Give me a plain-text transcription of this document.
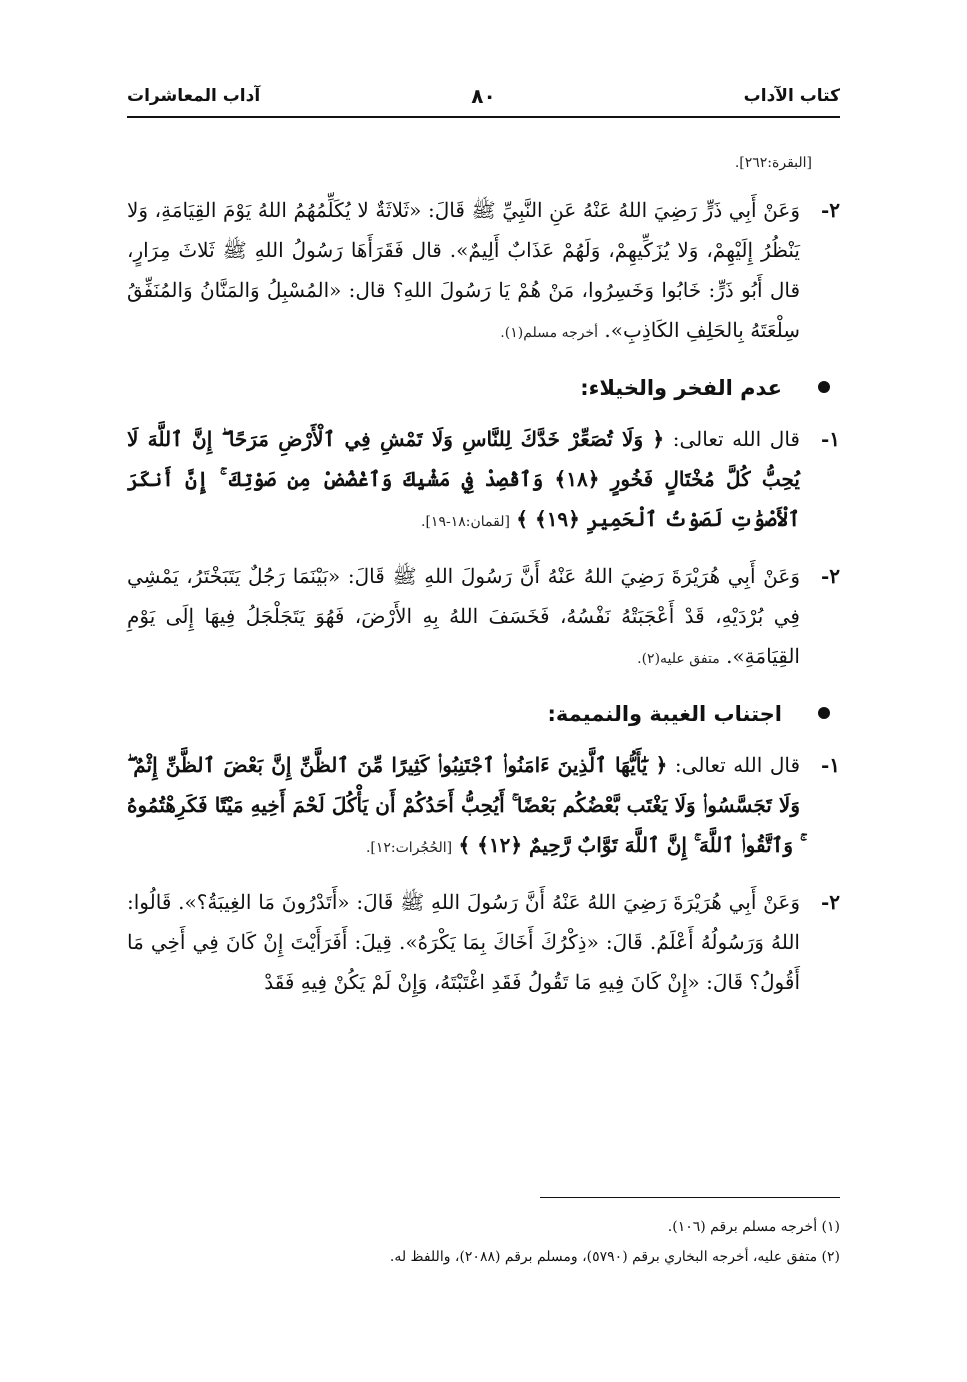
كتاب الآداب
٨٠
آداب المعاشرات
[البقرة:٢٦٢].
٢-
وَعَنْ أَبِي ذَرٍّ رَضِيَ اللهُ عَنْهُ عَنِ النَّبِيِّ ﷺ قَالَ: «ثَلاثَةٌ لا يُكَلِّمُهُمُ اللهُ يَوْمَ القِيَامَةِ، وَلا يَنْظُرُ إِلَيْهِمْ، وَلا يُزَكِّيهِمْ، وَلَهُمْ عَذَابٌ أَلِيمٌ». قال فَقَرَأَهَا رَسُولُ اللهِ ﷺ ثَلاثَ مِرَارٍ، قال أَبُو ذَرٍّ: خَابُوا وَخَسِرُوا، مَنْ هُمْ يَا رَسُولَ اللهِ؟ قال: «المُسْبِلُ وَالمَنَّانُ وَالمُنَفِّقُ سِلْعَتَهُ بِالحَلِفِ الكَاذِبِ». أخرجه مسلم(١).
عدم الفخر والخيلاء:
١-
قال الله تعالى: ﴿ وَلَا تُصَعِّرْ خَدَّكَ لِلنَّاسِ وَلَا تَمْشِ فِي ٱلْأَرْضِ مَرَحًا ۖ إِنَّ ٱللَّهَ لَا يُحِبُّ كُلَّ مُخْتَالٍ فَخُورٍ ﴿١٨﴾ وَٱقْصِدْ فِي مَشْيِكَ وَٱغْضُضْ مِن صَوْتِكَ ۚ إِنَّ أَنكَرَ ٱلْأَصْوَٰتِ لَصَوْتُ ٱلْحَمِيرِ ﴿١٩﴾ ﴾ [لقمان:١٨-١٩].
٢-
وَعَنْ أَبِي هُرَيْرَةَ رَضِيَ اللهُ عَنْهُ أَنَّ رَسُولَ اللهِ ﷺ قَالَ: «بَيْنَمَا رَجُلٌ يَتَبَخْتَرُ، يَمْشِي فِي بُرْدَيْهِ، قَدْ أَعْجَبَتْهُ نَفْسُهُ، فَخَسَفَ اللهُ بِهِ الأَرْضَ، فَهُوَ يَتَجَلْجَلُ فِيهَا إِلَى يَوْمِ القِيَامَةِ». متفق عليه(٢).
اجتناب الغيبة والنميمة:
١-
قال الله تعالى: ﴿ يَٰٓأَيُّهَا ٱلَّذِينَ ءَامَنُوا۟ ٱجْتَنِبُوا۟ كَثِيرًا مِّنَ ٱلظَّنِّ إِنَّ بَعْضَ ٱلظَّنِّ إِثْمٌ ۖ وَلَا تَجَسَّسُوا۟ وَلَا يَغْتَب بَّعْضُكُم بَعْضًا ۚ أَيُحِبُّ أَحَدُكُمْ أَن يَأْكُلَ لَحْمَ أَخِيهِ مَيْتًا فَكَرِهْتُمُوهُ ۚ وَٱتَّقُوا۟ ٱللَّهَ ۚ إِنَّ ٱللَّهَ تَوَّابٌ رَّحِيمٌ ﴿١٢﴾ ﴾ [الحُجُرات:١٢].
٢-
وَعَنْ أَبِي هُرَيْرَةَ رَضِيَ اللهُ عَنْهُ أَنَّ رَسُولَ اللهِ ﷺ قَالَ: «أَتَدْرُونَ مَا الغِيبَةُ؟». قَالُوا: اللهُ وَرَسُولُهُ أَعْلَمُ. قَالَ: «ذِكْرُكَ أَخَاكَ بِمَا يَكْرَهُ». قِيلَ: أَفَرَأَيْتَ إِنْ كَانَ فِي أَخِي مَا أَقُولُ؟ قَالَ: «إِنْ كَانَ فِيهِ مَا تَقُولُ فَقَدِ اغْتَبْتَهُ، وَإِنْ لَمْ يَكُنْ فِيهِ فَقَدْ
(١) أخرجه مسلم برقم (١٠٦).
(٢) متفق عليه، أخرجه البخاري برقم (٥٧٩٠)، ومسلم برقم (٢٠٨٨)، واللفظ له.
